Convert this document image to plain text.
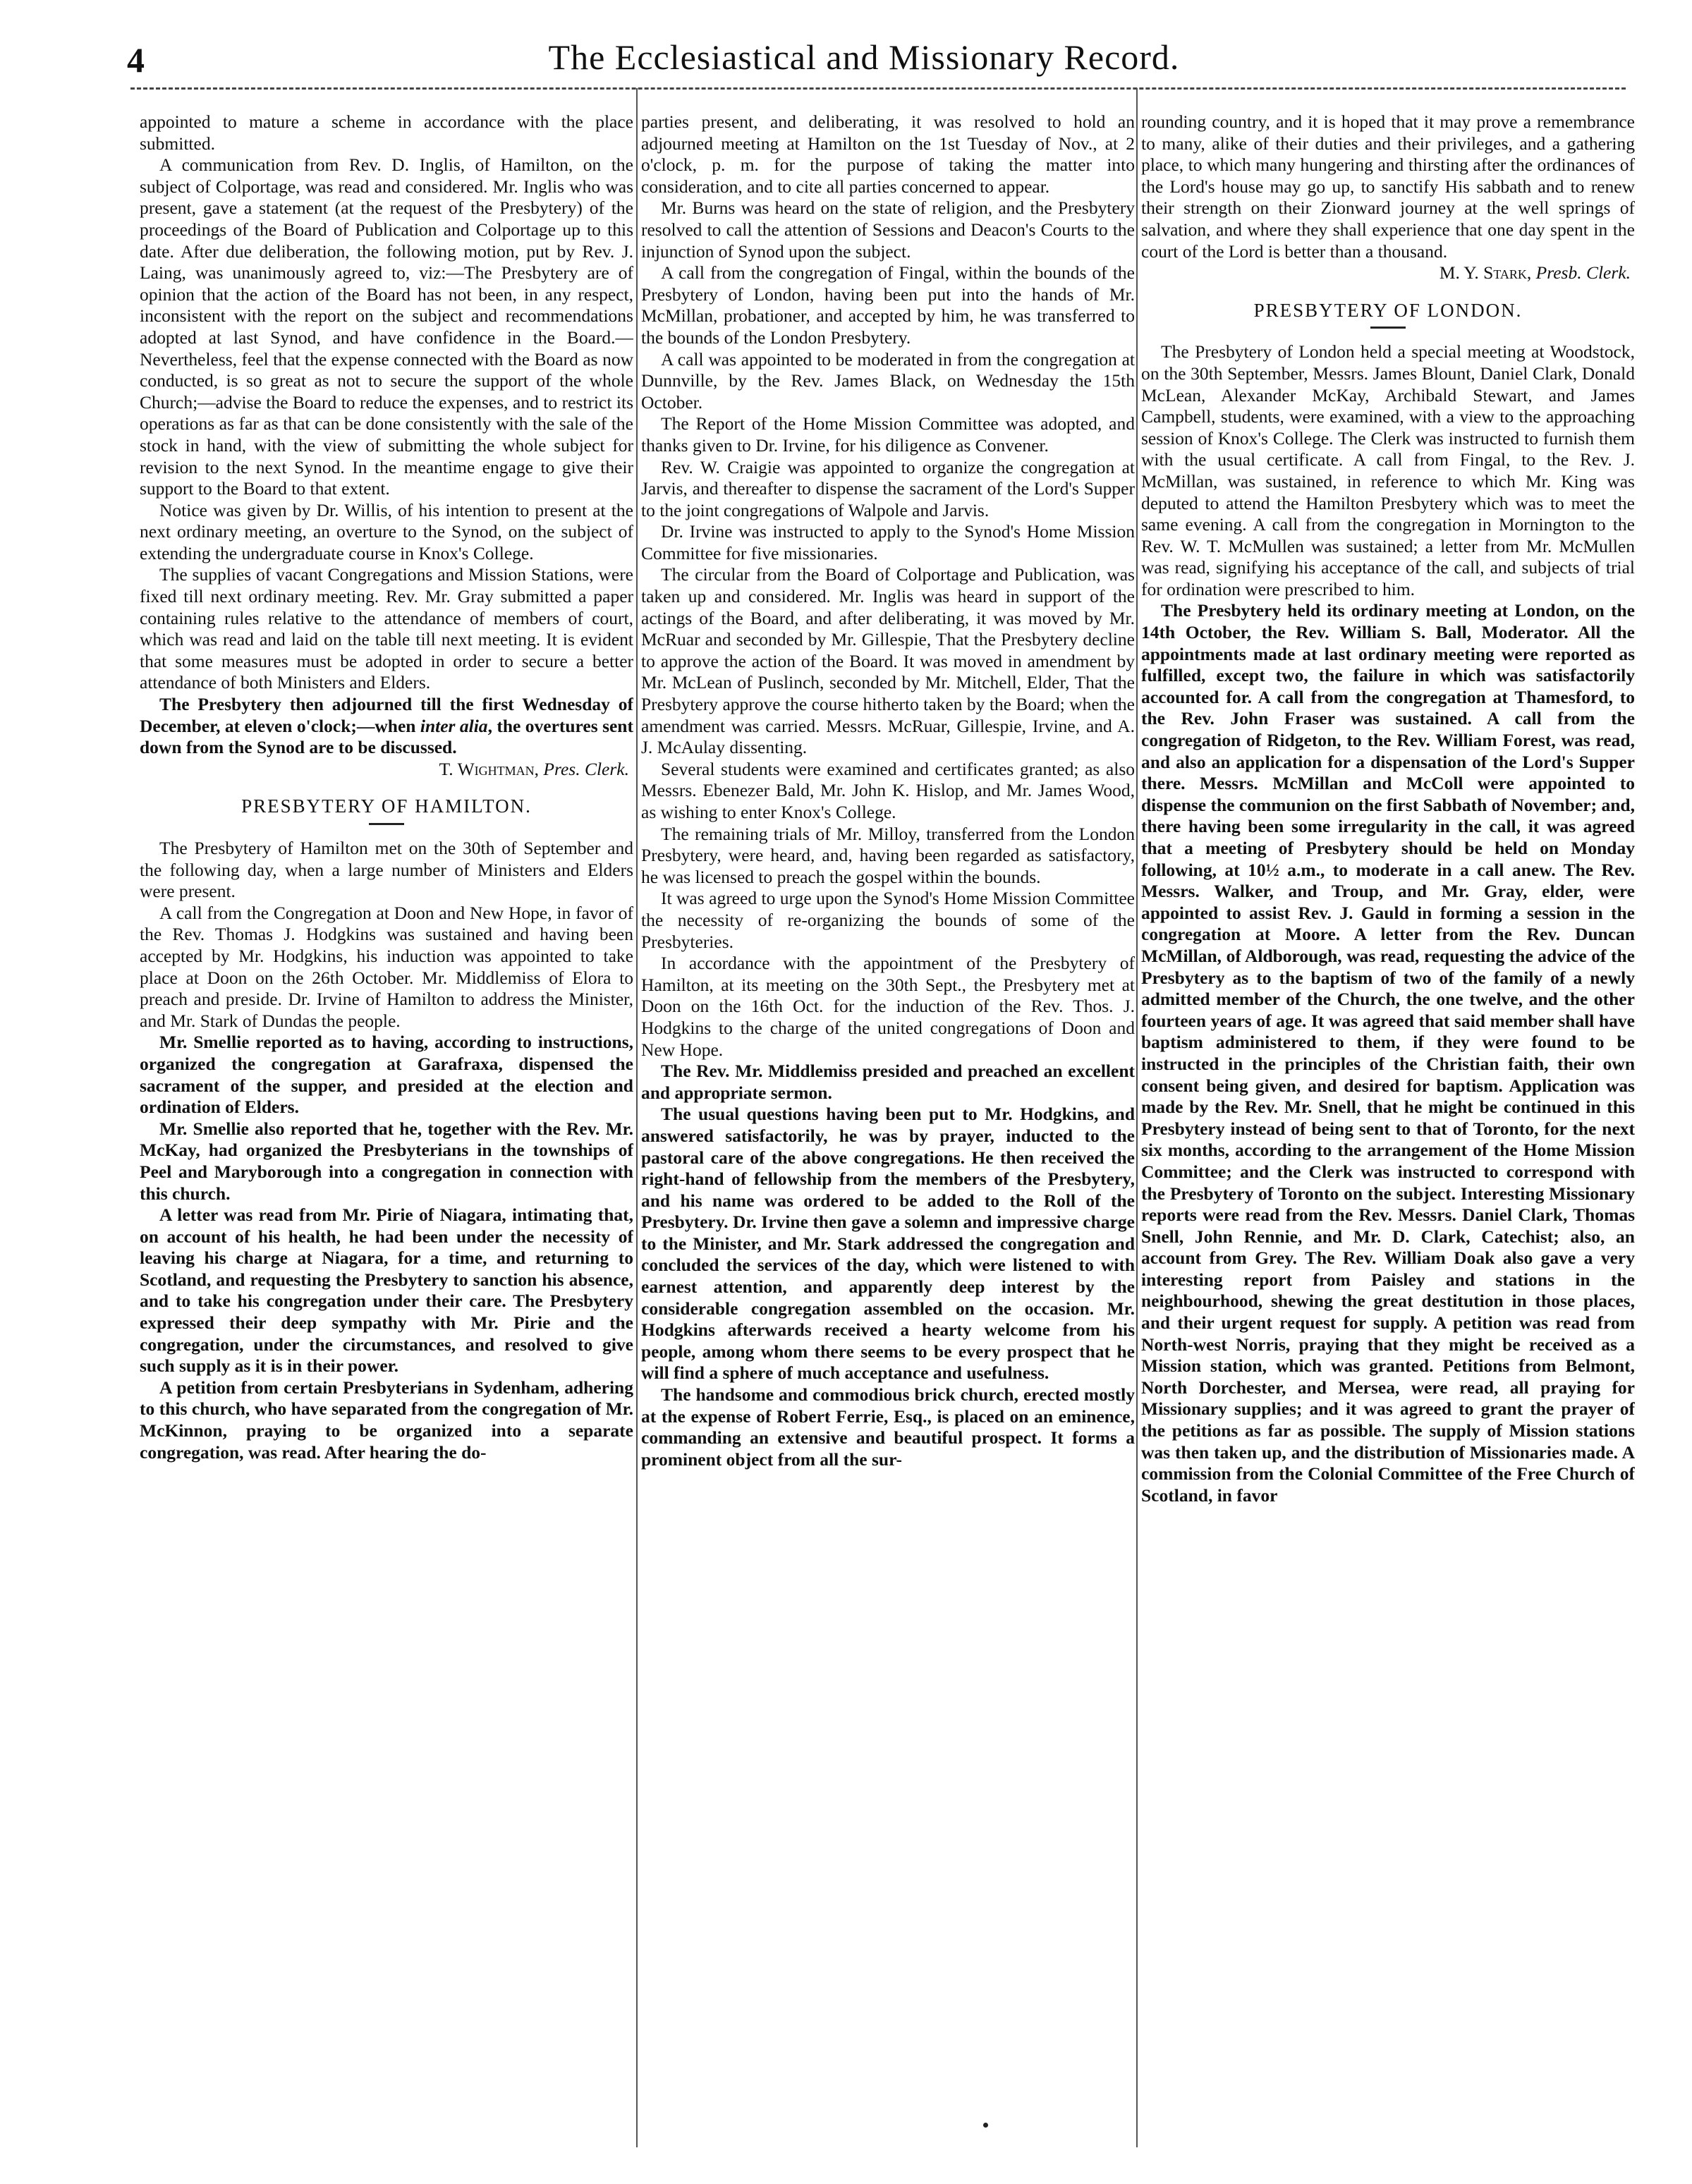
4	The Ecclesiastical and Missionary Record.

appointed to mature a scheme in accordance with the place submitted.

A communication from Rev. D. Inglis, of Hamilton, on the subject of Colportage, was read and considered. Mr. Inglis who was present, gave a statement (at the request of the Presbytery) of the proceedings of the Board of Publication and Colportage up to this date. After due deliberation, the following motion, put by Rev. J. Laing, was unanimously agreed to, viz:—The Presbytery are of opinion that the action of the Board has not been, in any respect, inconsistent with the report on the subject and recommendations adopted at last Synod, and have confidence in the Board.—Nevertheless, feel that the expense connected with the Board as now conducted, is so great as not to secure the support of the whole Church;—advise the Board to reduce the expenses, and to restrict its operations as far as that can be done consistently with the sale of the stock in hand, with the view of submitting the whole subject for revision to the next Synod. In the meantime engage to give their support to the Board to that extent.

Notice was given by Dr. Willis, of his intention to present at the next ordinary meeting, an overture to the Synod, on the subject of extending the undergraduate course in Knox's College.

The supplies of vacant Congregations and Mission Stations, were fixed till next ordinary meeting. Rev. Mr. Gray submitted a paper containing rules relative to the attendance of members of court, which was read and laid on the table till next meeting. It is evident that some measures must be adopted in order to secure a better attendance of both Ministers and Elders.

The Presbytery then adjourned till the first Wednesday of December, at eleven o'clock;—when inter alia, the overtures sent down from the Synod are to be discussed.

T. Wightman, Pres. Clerk.
PRESBYTERY OF HAMILTON.

The Presbytery of Hamilton met on the 30th of September and the following day, when a large number of Ministers and Elders were present.

A call from the Congregation at Doon and New Hope, in favor of the Rev. Thomas J. Hodgkins was sustained and having been accepted by Mr. Hodgkins, his induction was appointed to take place at Doon on the 26th October. Mr. Middlemiss of Elora to preach and preside. Dr. Irvine of Hamilton to address the Minister, and Mr. Stark of Dundas the people.

Mr. Smellie reported as to having, according to instructions, organized the congregation at Garafraxa, dispensed the sacrament of the supper, and presided at the election and ordination of Elders.

Mr. Smellie also reported that he, together with the Rev. Mr. McKay, had organized the Presbyterians in the townships of Peel and Maryborough into a congregation in connection with this church.

A letter was read from Mr. Pirie of Niagara, intimating that, on account of his health, he had been under the necessity of leaving his charge at Niagara, for a time, and returning to Scotland, and requesting the Presbytery to sanction his absence, and to take his congregation under their care. The Presbytery expressed their deep sympathy with Mr. Pirie and the congregation, under the circumstances, and resolved to give such supply as it is in their power.

A petition from certain Presbyterians in Sydenham, adhering to this church, who have separated from the congregation of Mr. McKinnon, praying to be organized into a separate congregation, was read. After hearing the do-

parties present, and deliberating, it was resolved to hold an adjourned meeting at Hamilton on the 1st Tuesday of Nov., at 2 o'clock, p. m. for the purpose of taking the matter into consideration, and to cite all parties concerned to appear.

Mr. Burns was heard on the state of religion, and the Presbytery resolved to call the attention of Sessions and Deacon's Courts to the injunction of Synod upon the subject.

A call from the congregation of Fingal, within the bounds of the Presbytery of London, having been put into the hands of Mr. McMillan, probationer, and accepted by him, he was transferred to the bounds of the London Presbytery.

A call was appointed to be moderated in from the congregation at Dunnville, by the Rev. James Black, on Wednesday the 15th October.

The Report of the Home Mission Committee was adopted, and thanks given to Dr. Irvine, for his diligence as Convener.

Rev. W. Craigie was appointed to organize the congregation at Jarvis, and thereafter to dispense the sacrament of the Lord's Supper to the joint congregations of Walpole and Jarvis.

Dr. Irvine was instructed to apply to the Synod's Home Mission Committee for five missionaries.

The circular from the Board of Colportage and Publication, was taken up and considered. Mr. Inglis was heard in support of the actings of the Board, and after deliberating, it was moved by Mr. McRuar and seconded by Mr. Gillespie, That the Presbytery decline to approve the action of the Board. It was moved in amendment by Mr. McLean of Puslinch, seconded by Mr. Mitchell, Elder, That the Presbytery approve the course hitherto taken by the Board; when the amendment was carried. Messrs. McRuar, Gillespie, Irvine, and A. J. McAulay dissenting.

Several students were examined and certificates granted; as also Messrs. Ebenezer Bald, Mr. John K. Hislop, and Mr. James Wood, as wishing to enter Knox's College.

The remaining trials of Mr. Milloy, transferred from the London Presbytery, were heard, and, having been regarded as satisfactory, he was licensed to preach the gospel within the bounds.

It was agreed to urge upon the Synod's Home Mission Committee the necessity of re-organizing the bounds of some of the Presbyteries.

In accordance with the appointment of the Presbytery of Hamilton, at its meeting on the 30th Sept., the Presbytery met at Doon on the 16th Oct. for the induction of the Rev. Thos. J. Hodgkins to the charge of the united congregations of Doon and New Hope.

The Rev. Mr. Middlemiss presided and preached an excellent and appropriate sermon.

The usual questions having been put to Mr. Hodgkins, and answered satisfactorily, he was by prayer, inducted to the pastoral care of the above congregations. He then received the right-hand of fellowship from the members of the Presbytery, and his name was ordered to be added to the Roll of the Presbytery. Dr. Irvine then gave a solemn and impressive charge to the Minister, and Mr. Stark addressed the congregation and concluded the services of the day, which were listened to with earnest attention, and apparently deep interest by the considerable congregation assembled on the occasion. Mr. Hodgkins afterwards received a hearty welcome from his people, among whom there seems to be every prospect that he will find a sphere of much acceptance and usefulness.

The handsome and commodious brick church, erected mostly at the expense of Robert Ferrie, Esq., is placed on an eminence, commanding an extensive and beautiful prospect. It forms a prominent object from all the sur-

rounding country, and it is hoped that it may prove a remembrance to many, alike of their duties and their privileges, and a gathering place, to which many hungering and thirsting after the ordinances of the Lord's house may go up, to sanctify His sabbath and to renew their strength on their Zionward journey at the well springs of salvation, and where they shall experience that one day spent in the court of the Lord is better than a thousand.

M. Y. Stark, Presb. Clerk.
PRESBYTERY OF LONDON.

The Presbytery of London held a special meeting at Woodstock, on the 30th September, Messrs. James Blount, Daniel Clark, Donald McLean, Alexander McKay, Archibald Stewart, and James Campbell, students, were examined, with a view to the approaching session of Knox's College. The Clerk was instructed to furnish them with the usual certificate. A call from Fingal, to the Rev. J. McMillan, was sustained, in reference to which Mr. King was deputed to attend the Hamilton Presbytery which was to meet the same evening. A call from the congregation in Mornington to the Rev. W. T. McMullen was sustained; a letter from Mr. McMullen was read, signifying his acceptance of the call, and subjects of trial for ordination were prescribed to him.

The Presbytery held its ordinary meeting at London, on the 14th October, the Rev. William S. Ball, Moderator. All the appointments made at last ordinary meeting were reported as fulfilled, except two, the failure in which was satisfactorily accounted for. A call from the congregation at Thamesford, to the Rev. John Fraser was sustained. A call from the congregation of Ridgeton, to the Rev. William Forest, was read, and also an application for a dispensation of the Lord's Supper there. Messrs. McMillan and McColl were appointed to dispense the communion on the first Sabbath of November; and, there having been some irregularity in the call, it was agreed that a meeting of Presbytery should be held on Monday following, at 10½ a.m., to moderate in a call anew. The Rev. Messrs. Walker, and Troup, and Mr. Gray, elder, were appointed to assist Rev. J. Gauld in forming a session in the congregation at Moore. A letter from the Rev. Duncan McMillan, of Aldborough, was read, requesting the advice of the Presbytery as to the baptism of two of the family of a newly admitted member of the Church, the one twelve, and the other fourteen years of age. It was agreed that said member shall have baptism administered to them, if they were found to be instructed in the principles of the Christian faith, their own consent being given, and desired for baptism. Application was made by the Rev. Mr. Snell, that he might be continued in this Presbytery instead of being sent to that of Toronto, for the next six months, according to the arrangement of the Home Mission Committee; and the Clerk was instructed to correspond with the Presbytery of Toronto on the subject. Interesting Missionary reports were read from the Rev. Messrs. Daniel Clark, Thomas Snell, John Rennie, and Mr. D. Clark, Catechist; also, an account from Grey. The Rev. William Doak also gave a very interesting report from Paisley and stations in the neighbourhood, shewing the great destitution in those places, and their urgent request for supply. A petition was read from North-west Norris, praying that they might be received as a Mission station, which was granted. Petitions from Belmont, North Dorchester, and Mersea, were read, all praying for Missionary supplies; and it was agreed to grant the prayer of the petitions as far as possible. The supply of Mission stations was then taken up, and the distribution of Missionaries made. A commission from the Colonial Committee of the Free Church of Scotland, in favor
